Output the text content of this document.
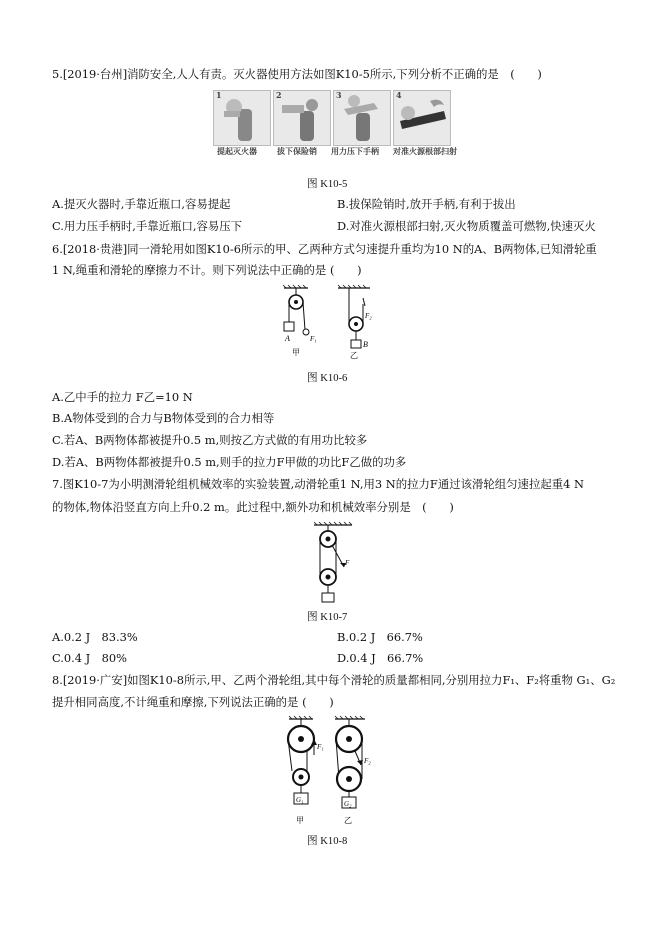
5.[2019·台州]消防安全,人人有责。灭火器使用方法如图K10-5所示,下列分析不正确的是　(　　)
1	2	3	4
提起灭火器	拔下保险销 用力压下手柄 对准火源根部扫射
图 K10-5
A.提灭火器时,手靠近瓶口,容易提起	B.拔保险销时,放开手柄,有利于拔出
C.用力压手柄时,手靠近瓶口,容易压下	D.对准火源根部扫射,灭火物质覆盖可燃物,快速灭火
6.[2018·贵港]同一滑轮用如图K10-6所示的甲、乙两种方式匀速提升重均为10 N的A、B两物体,已知滑轮重
1 N,绳重和滑轮的摩擦力不计。则下列说法中正确的是 (　　)
A	F₁
甲
F₂
B
乙
图 K10-6
A.乙中手的拉力 F乙=10 N
B.A物体受到的合力与B物体受到的合力相等
C.若A、B两物体都被提升0.5 m,则按乙方式做的有用功比较多
D.若A、B两物体都被提升0.5 m,则手的拉力F甲做的功比F乙做的功多
7.图K10-7为小明测滑轮组机械效率的实验装置,动滑轮重1 N,用3 N的拉力F通过该滑轮组匀速拉起重4 N
的物体,物体沿竖直方向上升0.2 m。此过程中,额外功和机械效率分别是　(　　)
F
图 K10-7
A.0.2 J　83.3%	B.0.2 J　66.7%
C.0.4 J　80%	D.0.4 J　66.7%
8.[2019·广安]如图K10-8所示,甲、乙两个滑轮组,其中每个滑轮的质量都相同,分别用拉力F₁、F₂将重物 G₁、G₂
提升相同高度,不计绳重和摩擦,下列说法正确的是 (　　)
F₁
G₁
甲
F₂
G₂
乙
图 K10-8
